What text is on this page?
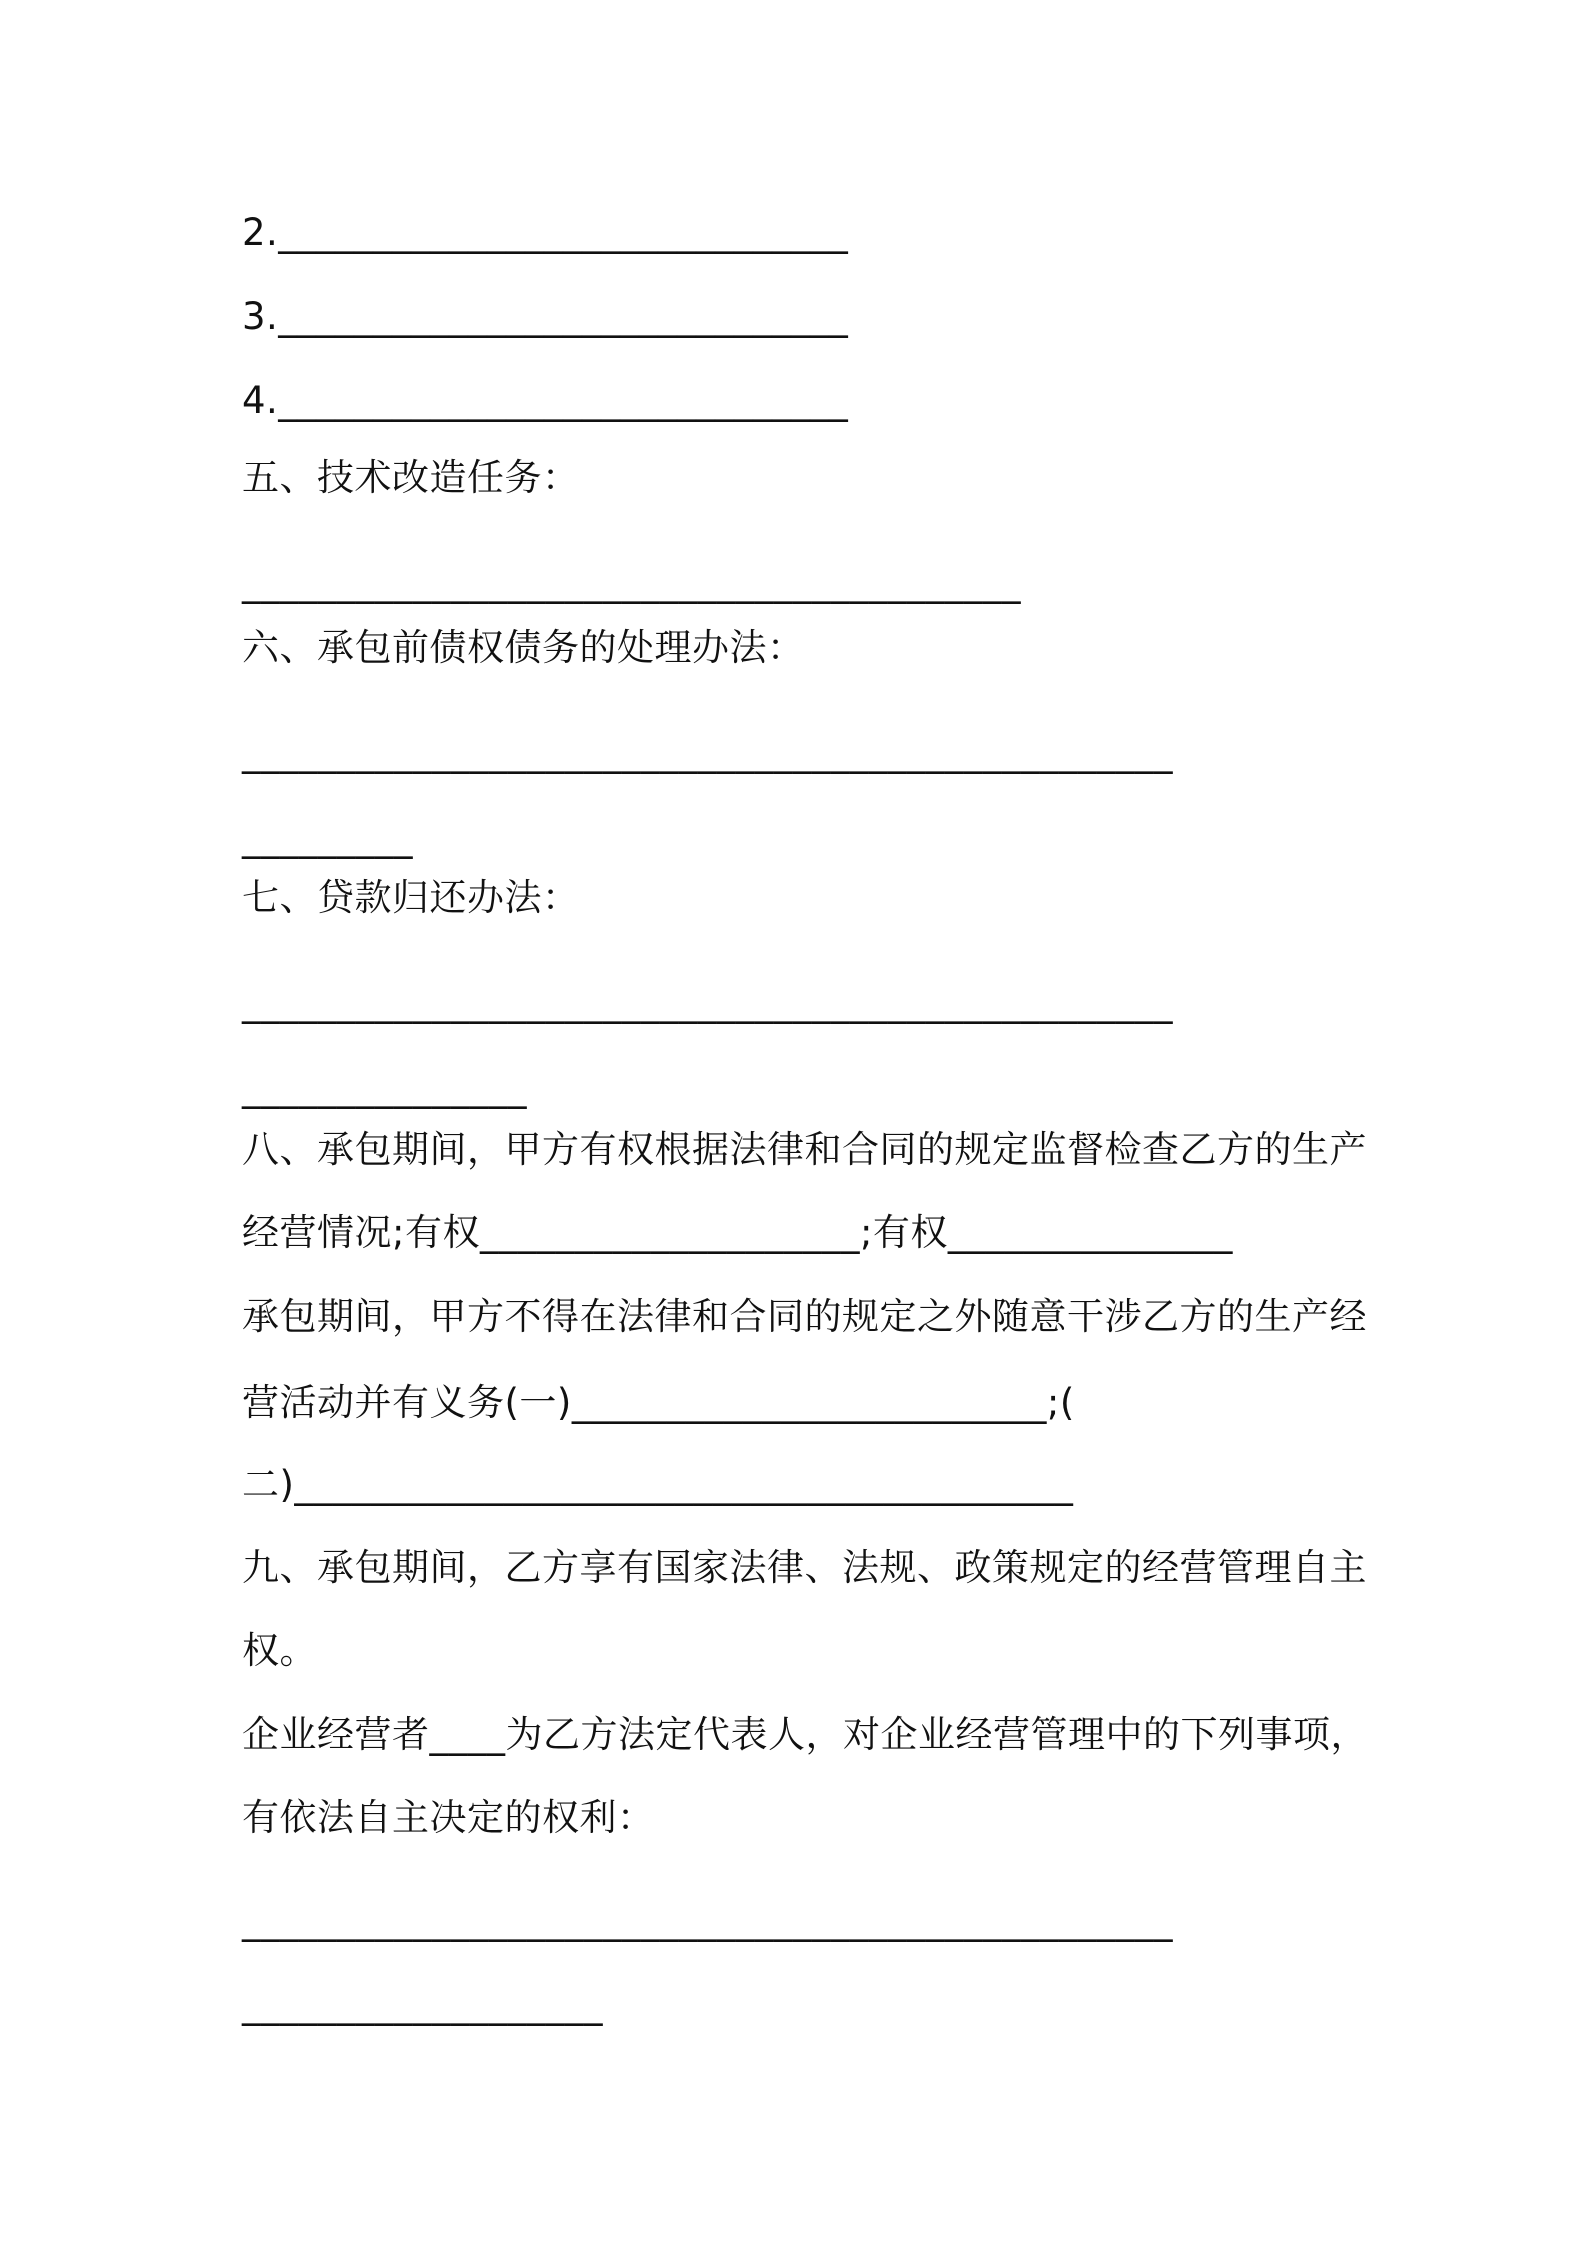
2.______________________________
3.______________________________
4.______________________________
五、技术改造任务：
_________________________________________
六、承包前债权债务的处理办法：
_________________________________________________
_________
七、贷款归还办法：
_________________________________________________
_______________
八、承包期间，甲方有权根据法律和合同的规定监督检查乙方的生产
经营情况;有权____________________;有权_______________
承包期间，甲方不得在法律和合同的规定之外随意干涉乙方的生产经
营活动并有义务(一)_________________________;(
二)_________________________________________
九、承包期间，乙方享有国家法律、法规、政策规定的经营管理自主
权。
企业经营者____为乙方法定代表人，对企业经营管理中的下列事项，
有依法自主决定的权利：
_________________________________________________
___________________
